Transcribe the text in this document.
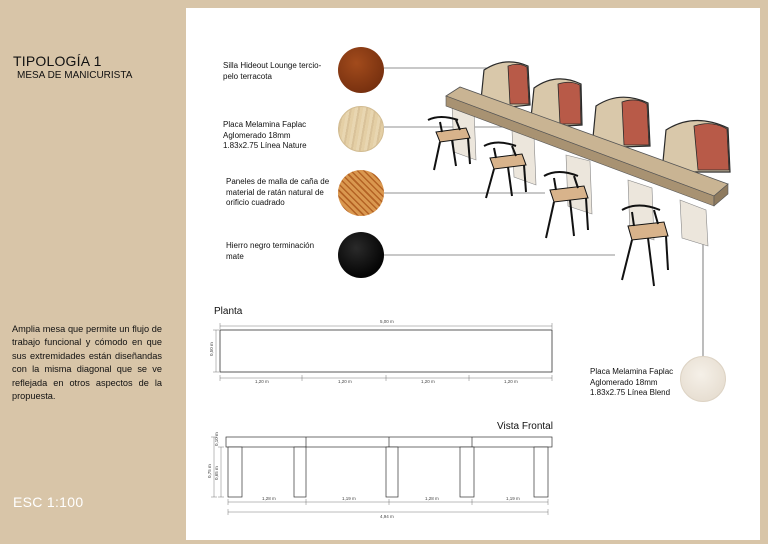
TIPOLOGÍA 1
MESA DE MANICURISTA
Amplia mesa que permite un flujo de trabajo funcional y cómodo en que sus extremidades están diseñandas con la misma diagonal que se ve reflejada en otros aspectos de la propuesta.
ESC 1:100
Silla Hideout Lounge tercio-
pelo terracota
Placa Melamina Faplac
Aglomerado 18mm
1.83x2.75 Línea Nature
Paneles de malla de caña de
material de ratán natural de
orificio cuadrado
Hierro negro terminación
mate
Placa Melamina Faplac
Aglomerado 18mm
1.83x2.75 Línea Blend
Planta
Vista Frontal
5,00 m
0,50 m
1,20 m	1,20 m	1,20 m	1,20 m
0,75 m 0,65 m
0,10 m
1,28 m	1,19 m	1,28 m	1,19 m
4,94 m
